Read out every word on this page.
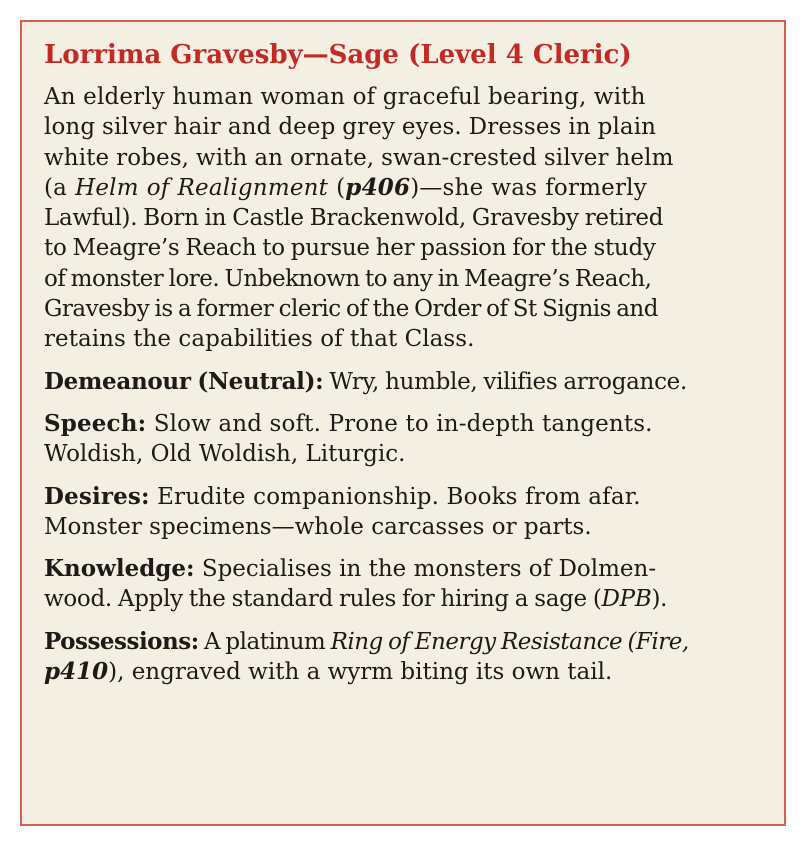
Lorrima Gravesby—Sage (Level 4 Cleric)
An elderly human woman of graceful bearing, with
long silver hair and deep grey eyes. Dresses in plain
white robes, with an ornate, swan-crested silver helm
(a Helm of Realignment (p406)—she was formerly
Lawful). Born in Castle Brackenwold, Gravesby retired
to Meagre’s Reach to pursue her passion for the study
of monster lore. Unbeknown to any in Meagre’s Reach,
Gravesby is a former cleric of the Order of St Signis and
retains the capabilities of that Class.
Demeanour (Neutral): Wry, humble, vilifies arrogance.
Speech: Slow and soft. Prone to in-depth tangents.
Woldish, Old Woldish, Liturgic.
Desires: Erudite companionship. Books from afar.
Monster specimens—whole carcasses or parts.
Knowledge: Specialises in the monsters of Dolmen-
wood. Apply the standard rules for hiring a sage (DPB).
Possessions: A platinum Ring of Energy Resistance (Fire,
p410), engraved with a wyrm biting its own tail.
